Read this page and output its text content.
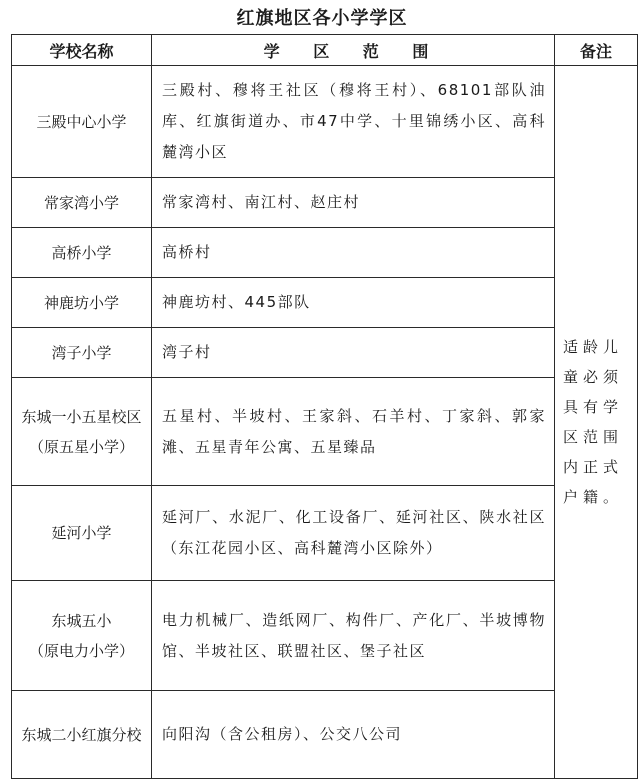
红旗地区各小学学区
学校名称	学 区 范 围	备注

三殿中心小学	三殿村、穆将王社区（穆将王村）、68101部队油库、红旗街道办、市47中学、十里锦绣小区、高科麓湾小区	适龄儿童必须具有学区范围内正式户籍。

常家湾小学	常家湾村、南江村、赵庄村	

高桥小学	高桥村	

神鹿坊小学	神鹿坊村、445部队	

湾子小学	湾子村	

东城一小五星校区
（原五星小学）	五星村、半坡村、王家斜、石羊村、丁家斜、郭家滩、五星青年公寓、五星臻品	

延河小学	延河厂、水泥厂、化工设备厂、延河社区、陕水社区（东江花园小区、高科麓湾小区除外）	

东城五小
（原电力小学）	电力机械厂、造纸网厂、构件厂、产化厂、半坡博物馆、半坡社区、联盟社区、堡子社区	

东城二小红旗分校	向阳沟（含公租房）、公交八公司	
